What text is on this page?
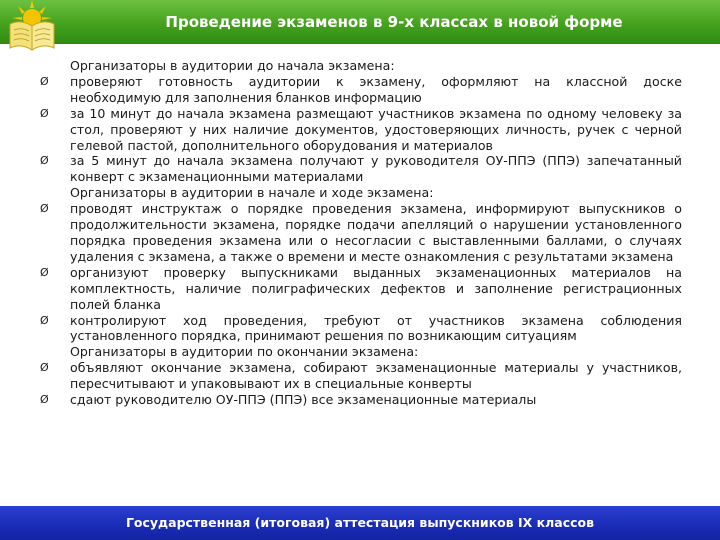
Проведение экзаменов в 9-х классах в новой форме
Организаторы в аудитории до начала экзамена:
Ø	проверяют готовность аудитории к экзамену, оформляют на классной доске необходимую для заполнения бланков информацию
Ø	за 10 минут до начала экзамена размещают участников экзамена по одному человеку за стол, проверяют у них наличие документов, удостоверяющих личность, ручек с черной гелевой пастой, дополнительного оборудования и материалов
Ø	за 5 минут до начала экзамена получают у руководителя ОУ-ППЭ (ППЭ) запечатанный конверт с экзаменационными материалами
Организаторы в аудитории в начале и ходе экзамена:
Ø	проводят инструктаж о порядке проведения экзамена, информируют выпускников о продолжительности экзамена, порядке подачи апелляций о нарушении установленного порядка проведения экзамена или о несогласии с выставленными баллами, о случаях удаления с экзамена, а также о времени и месте ознакомления с результатами экзамена
Ø	организуют проверку выпускниками выданных экзаменационных материалов на комплектность, наличие полиграфических дефектов и заполнение регистрационных полей бланка
Ø	контролируют ход проведения, требуют от участников экзамена соблюдения установленного порядка, принимают решения по возникающим ситуациям
Организаторы в аудитории по окончании экзамена:
Ø	объявляют окончание экзамена, собирают экзаменационные материалы у участников, пересчитывают и упаковывают их в специальные конверты
Ø	сдают руководителю ОУ-ППЭ (ППЭ) все экзаменационные материалы
Государственная (итоговая) аттестация выпускников IX классов
